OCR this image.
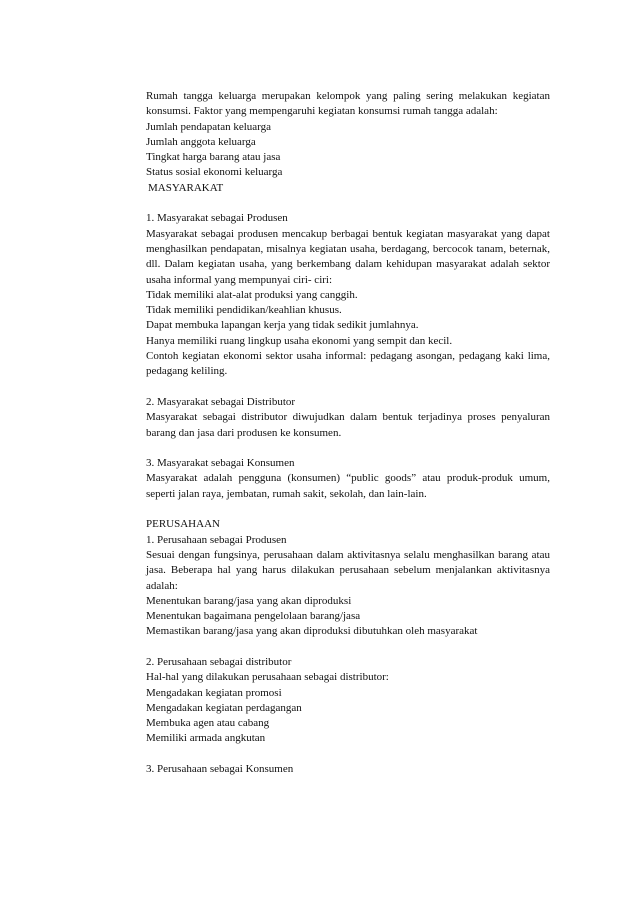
Rumah tangga keluarga merupakan kelompok yang paling sering melakukan kegiatan konsumsi. Faktor yang mempengaruhi kegiatan konsumsi rumah tangga adalah:

Jumlah pendapatan keluarga

Jumlah anggota keluarga

Tingkat harga barang atau jasa

Status sosial ekonomi keluarga

MASYARAKAT

1. Masyarakat sebagai Produsen

Masyarakat sebagai produsen mencakup berbagai bentuk kegiatan masyarakat yang dapat menghasilkan pendapatan, misalnya kegiatan usaha, berdagang, bercocok tanam, beternak, dll. Dalam kegiatan usaha, yang berkembang dalam kehidupan masyarakat adalah sektor usaha informal yang mempunyai ciri- ciri:

Tidak memiliki alat-alat produksi yang canggih.

Tidak memiliki pendidikan/keahlian khusus.

Dapat membuka lapangan kerja yang tidak sedikit jumlahnya.

Hanya memiliki ruang lingkup usaha ekonomi yang sempit dan kecil.

Contoh kegiatan ekonomi sektor usaha informal: pedagang asongan, pedagang kaki lima, pedagang keliling.

2. Masyarakat sebagai Distributor

Masyarakat sebagai distributor diwujudkan dalam bentuk terjadinya proses penyaluran barang dan jasa dari produsen ke konsumen.

3. Masyarakat sebagai Konsumen

Masyarakat adalah pengguna (konsumen) “public goods” atau produk-produk umum, seperti jalan raya, jembatan, rumah sakit, sekolah, dan lain-lain.

PERUSAHAAN

1. Perusahaan sebagai Produsen

Sesuai dengan fungsinya, perusahaan dalam aktivitasnya selalu menghasilkan barang atau jasa. Beberapa hal yang harus dilakukan perusahaan sebelum menjalankan aktivitasnya adalah:

Menentukan barang/jasa yang akan diproduksi

Menentukan bagaimana pengelolaan barang/jasa

Memastikan barang/jasa yang akan diproduksi dibutuhkan oleh masyarakat

2. Perusahaan sebagai distributor

Hal-hal yang dilakukan perusahaan sebagai distributor:

Mengadakan kegiatan promosi

Mengadakan kegiatan perdagangan

Membuka agen atau cabang

Memiliki armada angkutan

3. Perusahaan sebagai Konsumen
